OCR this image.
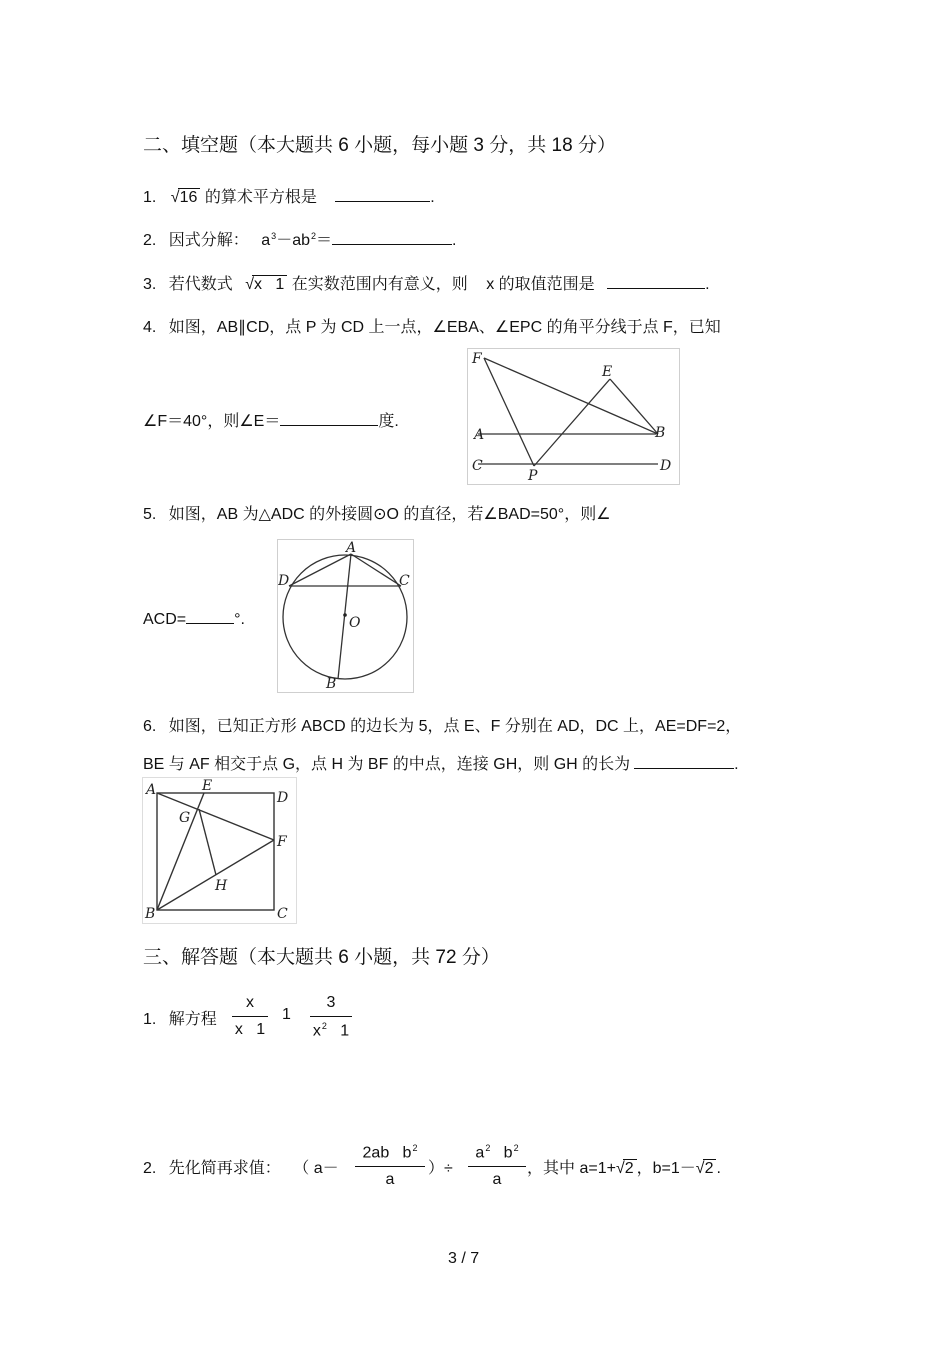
二、填空题（本大题共 6 小题，每小题 3 分，共 18 分）
1. √16 的算术平方根是	.
2. 因式分解： $a^3-ab^2=$	.
3. 若代数式 √x   1 在实数范围内有意义，则 x 的取值范围是	.
4. 如图，AB∥CD，点 P 为 CD 上一点，∠EBA、∠EPC 的角平分线于点 F，已知
∠F＝40°，则∠E＝	度.
F
E
A	B
C	D
P
5. 如图，AB 为△ADC 的外接圆⊙O 的直径，若∠BAD=50°，则∠
ACD=	°.
A
D	C
O
B
6. 如图，已知正方形 ABCD 的边长为 5，点 E、F 分别在 AD，DC 上，AE=DF=2，
BE 与 AF 相交于点 G，点 H 为 BF 的中点，连接 GH，则 GH 的长为	.
A	E
D
G
F
H
B	C
三、解答题（本大题共 6 小题，共 72 分）
1. 解方程
x
x   1
1
3
$x^2$   1
2. 先化简再求值： （ a－
2ab   $b^2$
a
）÷
$a^2$   $b^2$
a
，其中 a=1+√2 ，b=1－√2 .
3 / 7
